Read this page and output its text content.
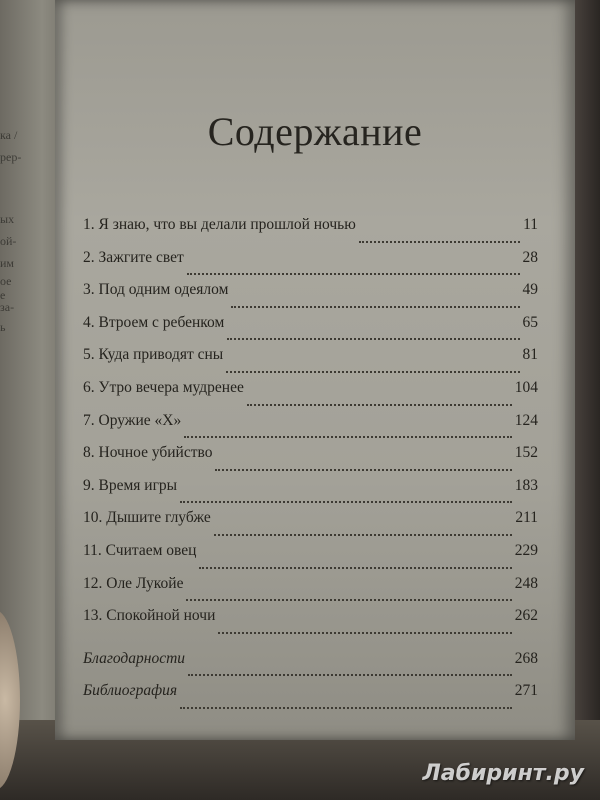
ка /
рер-
ых
ой-
им
ое
е
за-
ь
Содержание
1. Я знаю, что вы делали прошлой ночью	11
2. Зажгите свет	28
3. Под одним одеялом	49
4. Втроем с ребенком	65
5. Куда приводят сны	81
6. Утро вечера мудренее	104
7. Оружие «X»	124
8. Ночное убийство	152
9. Время игры	183
10. Дышите глубже	211
11. Считаем овец	229
12. Оле Лукойе	248
13. Спокойной ночи	262
Благодарности	268
Библиография	271
Лабиринт.ру
